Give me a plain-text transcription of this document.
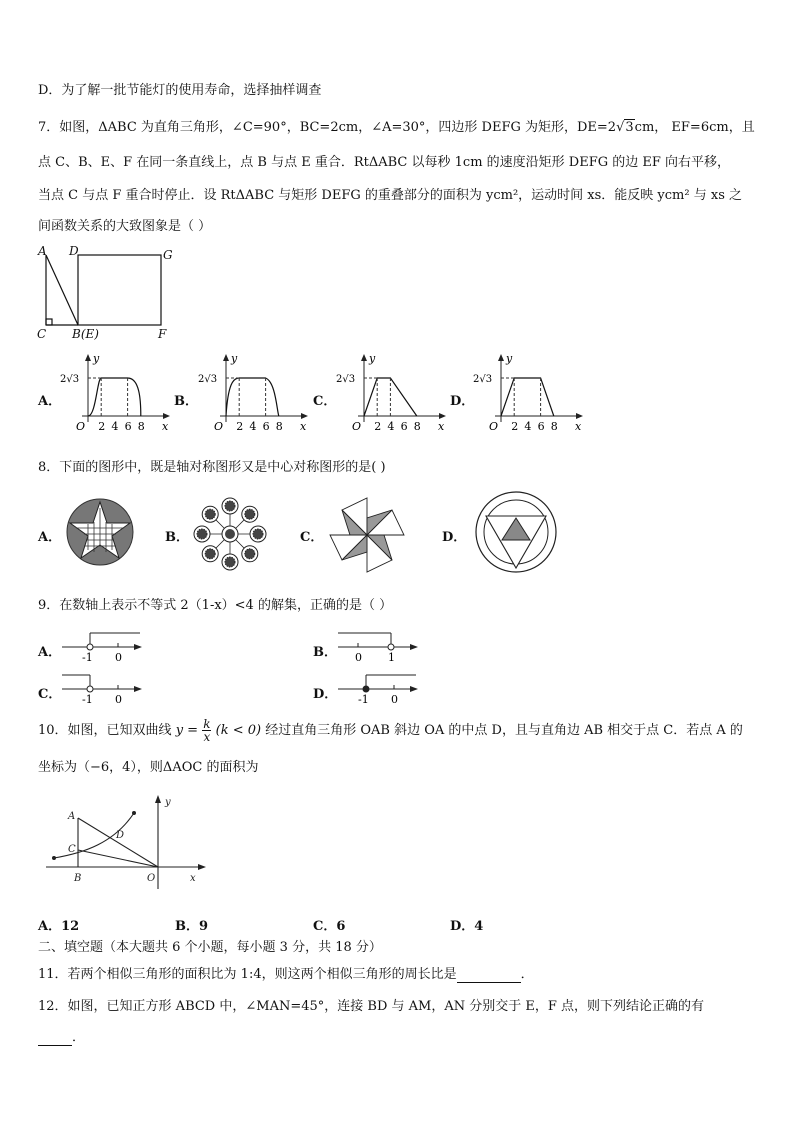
D．为了解一批节能灯的使用寿命，选择抽样调查
7．如图，ΔABC 为直角三角形，∠C=90°，BC=2cm，∠A=30°，四边形 DEFG 为矩形，DE=2√3cm， EF=6cm，且
点 C、B、E、F 在同一条直线上，点 B 与点 E 重合．RtΔABC 以每秒 1cm 的速度沿矩形 DEFG 的边 EF 向右平移，
当点 C 与点 F 重合时停止．设 RtΔABC 与矩形 DEFG 的重叠部分的面积为 ycm²，运动时间 xs．能反映 ycm² 与 xs 之
间函数关系的大致图象是（ ）
A D	G
C B(E)	F
A．	B．	C．	D．
y
x
O
2√3
2 4 6 8
y
x
O
2√3
2 4 6 8
y
x
O
2√3
2 4 6 8
y
x
O
2√3
2 4 6 8
8．下面的图形中，既是轴对称图形又是中心对称图形的是( )
A．	B．	C．	D．
9．在数轴上表示不等式 2（1-x）<4 的解集，正确的是（ ）
A．	B．
C．	D．
-1 0	0 1
-1 0	-1 0
10．如图，已知双曲线 $y = \frac{k}{x} (k < 0)$ 经过直角三角形 OAB 斜边 OA 的中点 D，且与直角边 AB 相交于点 C．若点 A 的
坐标为（−6，4），则ΔAOC 的面积为
A
C
D
B	O	x
y
A．12	B．9	C．6	D．4
二、填空题（本大题共 6 个小题，每小题 3 分，共 18 分）
11．若两个相似三角形的面积比为 1:4，则这两个相似三角形的周长比是	．
12．如图，已知正方形 ABCD 中，∠MAN=45°，连接 BD 与 AM，AN 分别交于 E，F 点，则下列结论正确的有
．
